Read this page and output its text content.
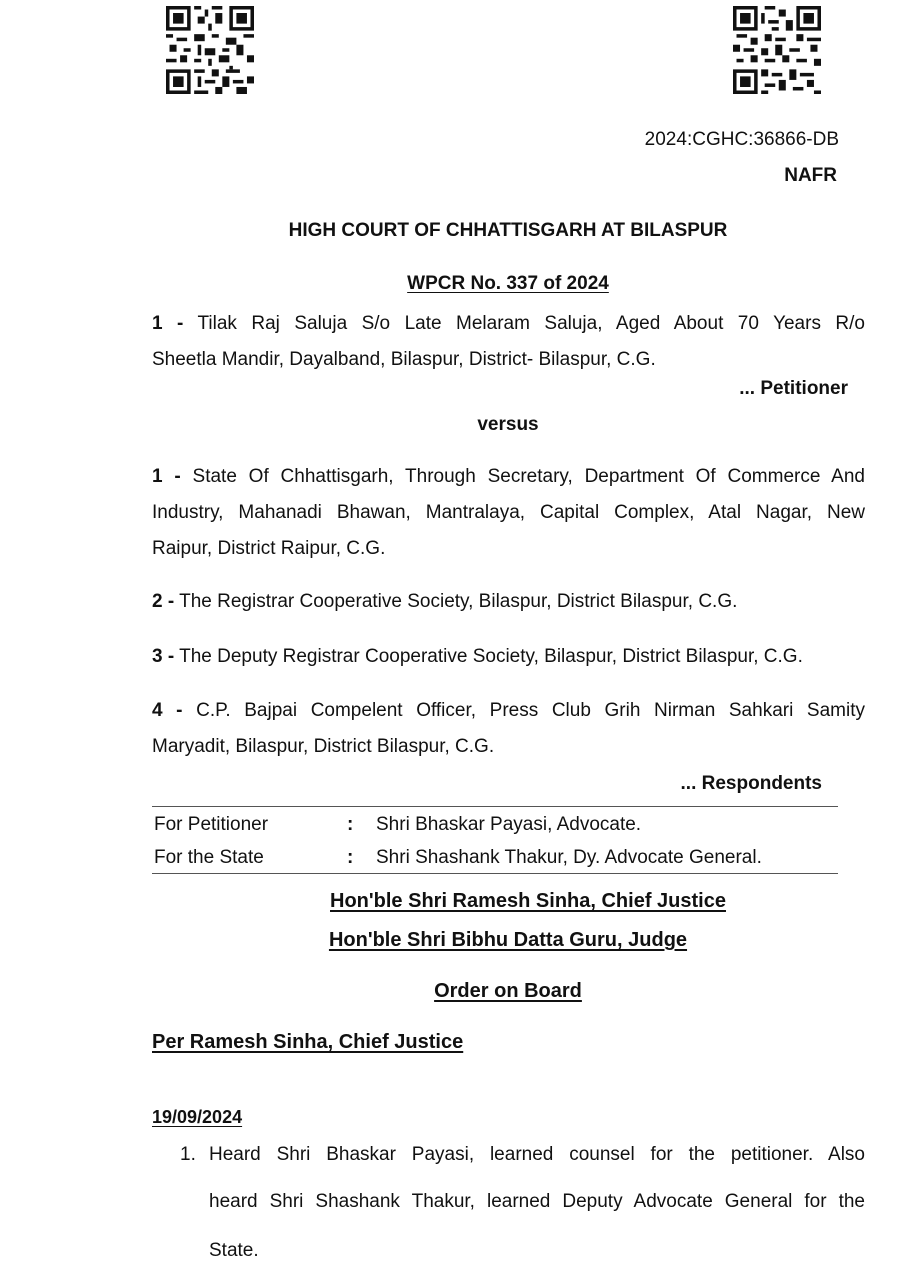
2024:CGHC:36866-DB
NAFR
HIGH COURT OF CHHATTISGARH AT BILASPUR
WPCR No. 337 of 2024
1 - Tilak Raj Saluja S/o Late Melaram Saluja, Aged About 70 Years R/o
Sheetla Mandir, Dayalband, Bilaspur, District- Bilaspur, C.G.
... Petitioner
versus
1 - State Of Chhattisgarh, Through Secretary, Department Of Commerce And
Industry, Mahanadi Bhawan, Mantralaya, Capital Complex, Atal Nagar, New
Raipur, District Raipur, C.G.
2 - The Registrar Cooperative Society, Bilaspur, District Bilaspur, C.G.
3 - The Deputy Registrar Cooperative Society, Bilaspur, District Bilaspur, C.G.
4 - C.P. Bajpai Compelent Officer, Press Club Grih Nirman Sahkari Samity
Maryadit, Bilaspur, District Bilaspur, C.G.
... Respondents
For Petitioner	: Shri Bhaskar Payasi, Advocate.
For the State	: Shri Shashank Thakur, Dy. Advocate General.
Hon'ble Shri Ramesh Sinha, Chief Justice
Hon'ble Shri Bibhu Datta Guru, Judge
Order on Board
Per Ramesh Sinha, Chief Justice
19/09/2024
1. Heard Shri Bhaskar Payasi, learned counsel for the petitioner. Also
heard Shri Shashank Thakur, learned Deputy Advocate General for the
State.
